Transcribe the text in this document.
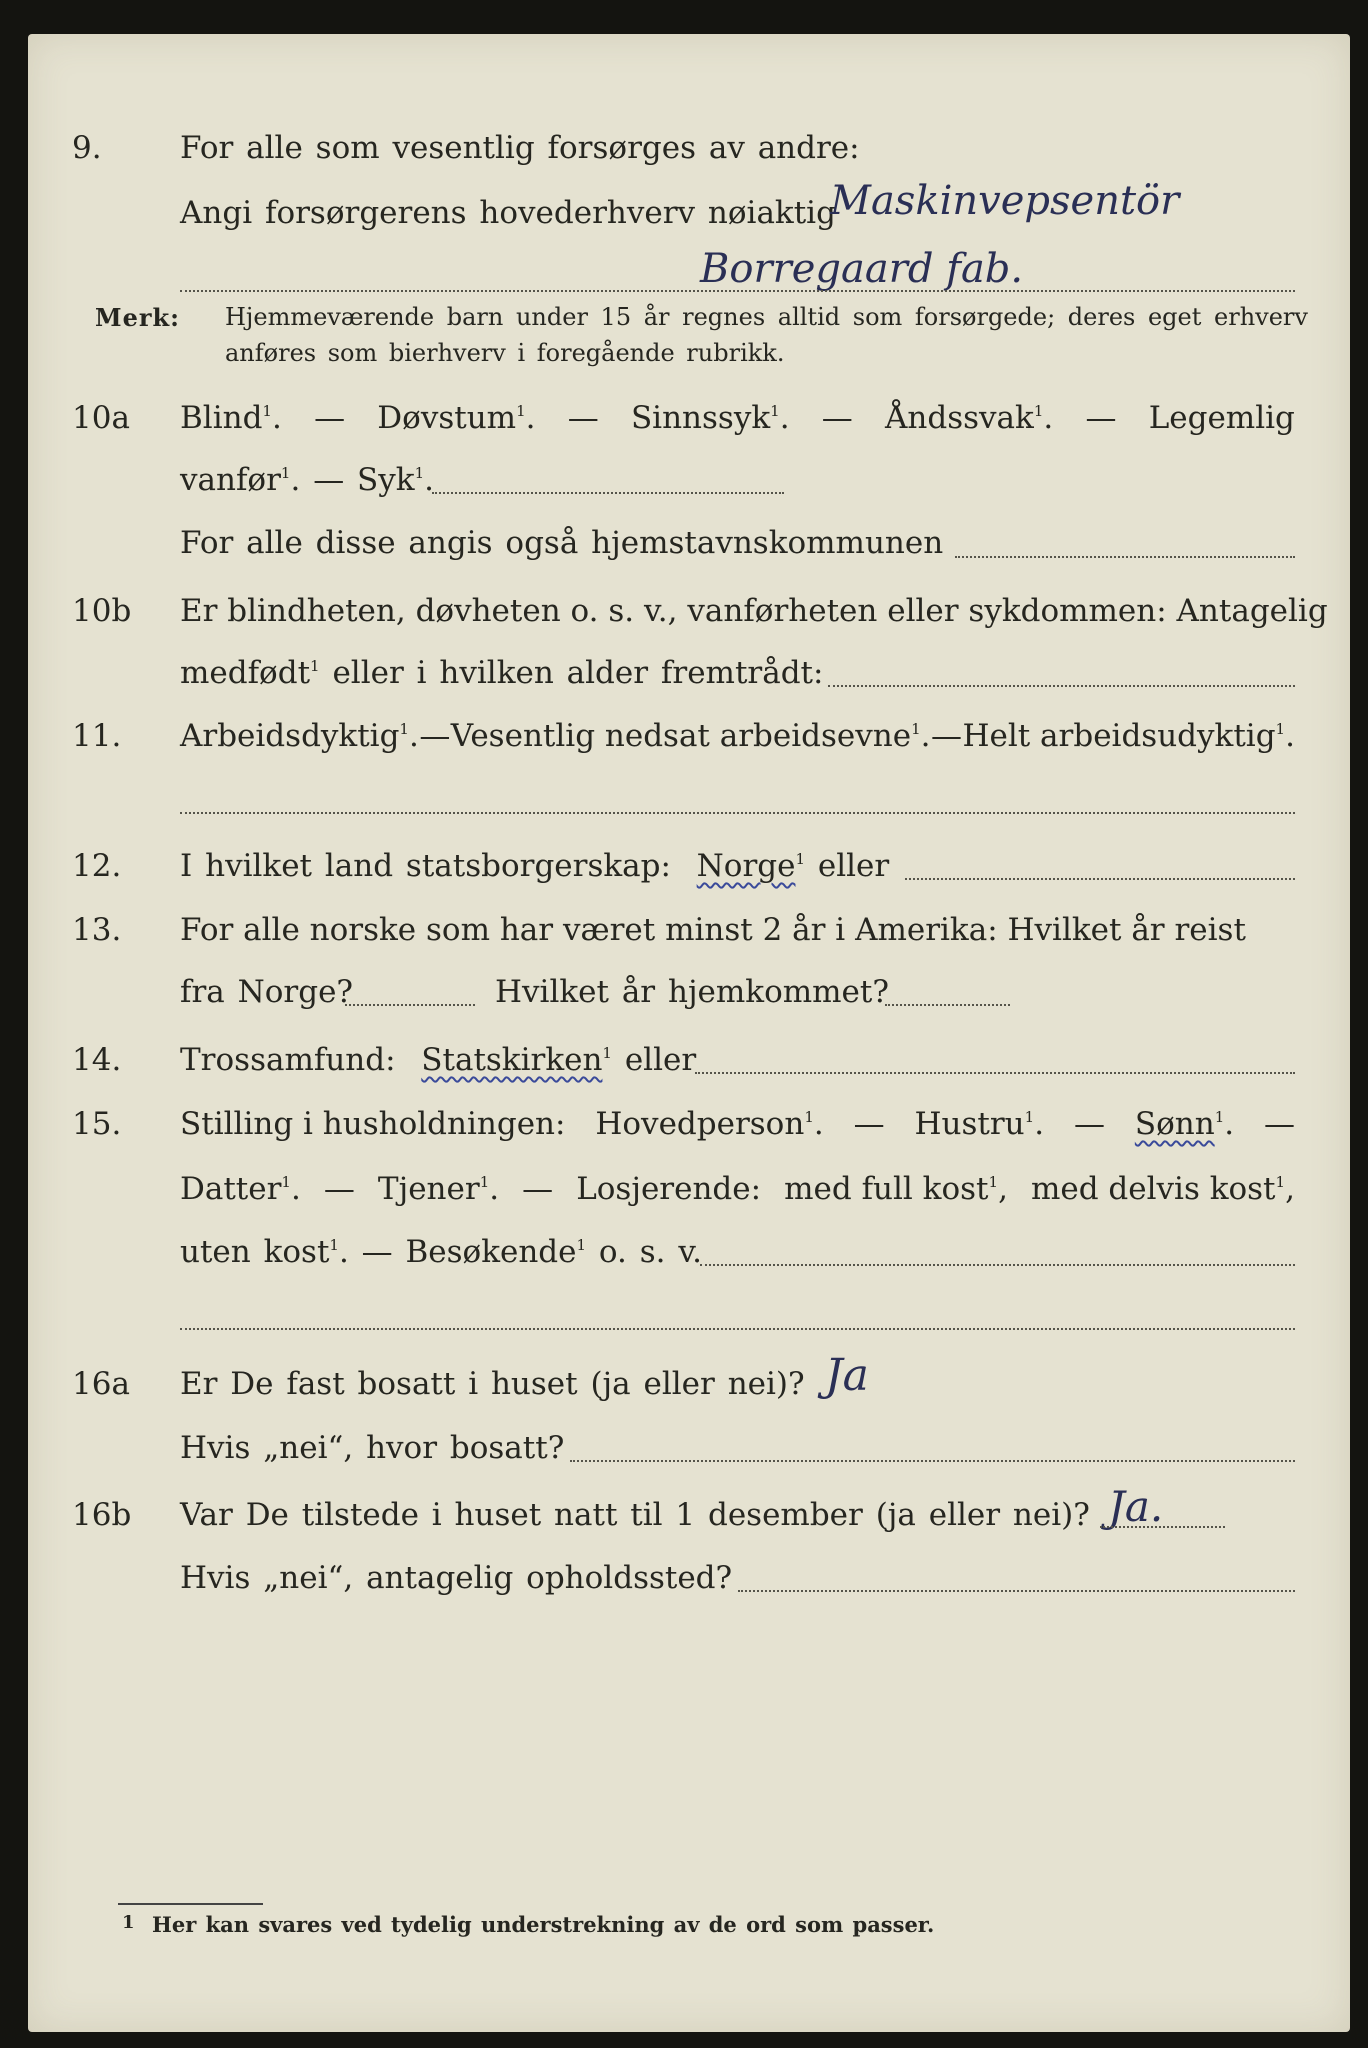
9.	For alle som vesentlig forsørges av andre:
Angi forsørgerens hovederhverv nøiaktig
Maskinvepsentör
Borregaard fab.
Merk: Hjemmeværende barn under 15 år regnes alltid som forsørgede; deres eget erhverv
anføres som bierhverv i foregående rubrikk.
10a Blind$^1$. — Døvstum$^1$. — Sinnssyk$^1$. — Åndssvak$^1$. — Legemlig
vanfør$^1$. — Syk$^1$.
For alle disse angis også hjemstavnskommunen
10b Er blindheten, døvheten o. s. v., vanførheten eller sykdommen: Antagelig
medfødt$^1$ eller i hvilken alder fremtrådt:
11. Arbeidsdyktig$^1$. — Vesentlig nedsat arbeidsevne$^1$. — Helt arbeidsudyktig$^1$.
12. I hvilket land statsborgerskap: Norge$^1$ eller
13. For alle norske som har været minst 2 år i Amerika: Hvilket år reist
fra Norge?	Hvilket år hjemkommet?
14. Trossamfund: Statskirken$^1$ eller
15. Stilling i husholdningen: Hovedperson$^1$. — Hustru$^1$. — Sønn$^1$. —
Datter$^1$. — Tjener$^1$. — Losjerende: med full kost$^1$, med delvis kost$^1$,
uten kost$^1$. — Besøkende$^1$ o. s. v.
16a Er De fast bosatt i huset (ja eller nei)? Ja
Hvis „nei“, hvor bosatt?
16b Var De tilstede i huset natt til 1 desember (ja eller nei)? Ja.
Hvis „nei“, antagelig opholdssted?
1 Her kan svares ved tydelig understrekning av de ord som passer.
